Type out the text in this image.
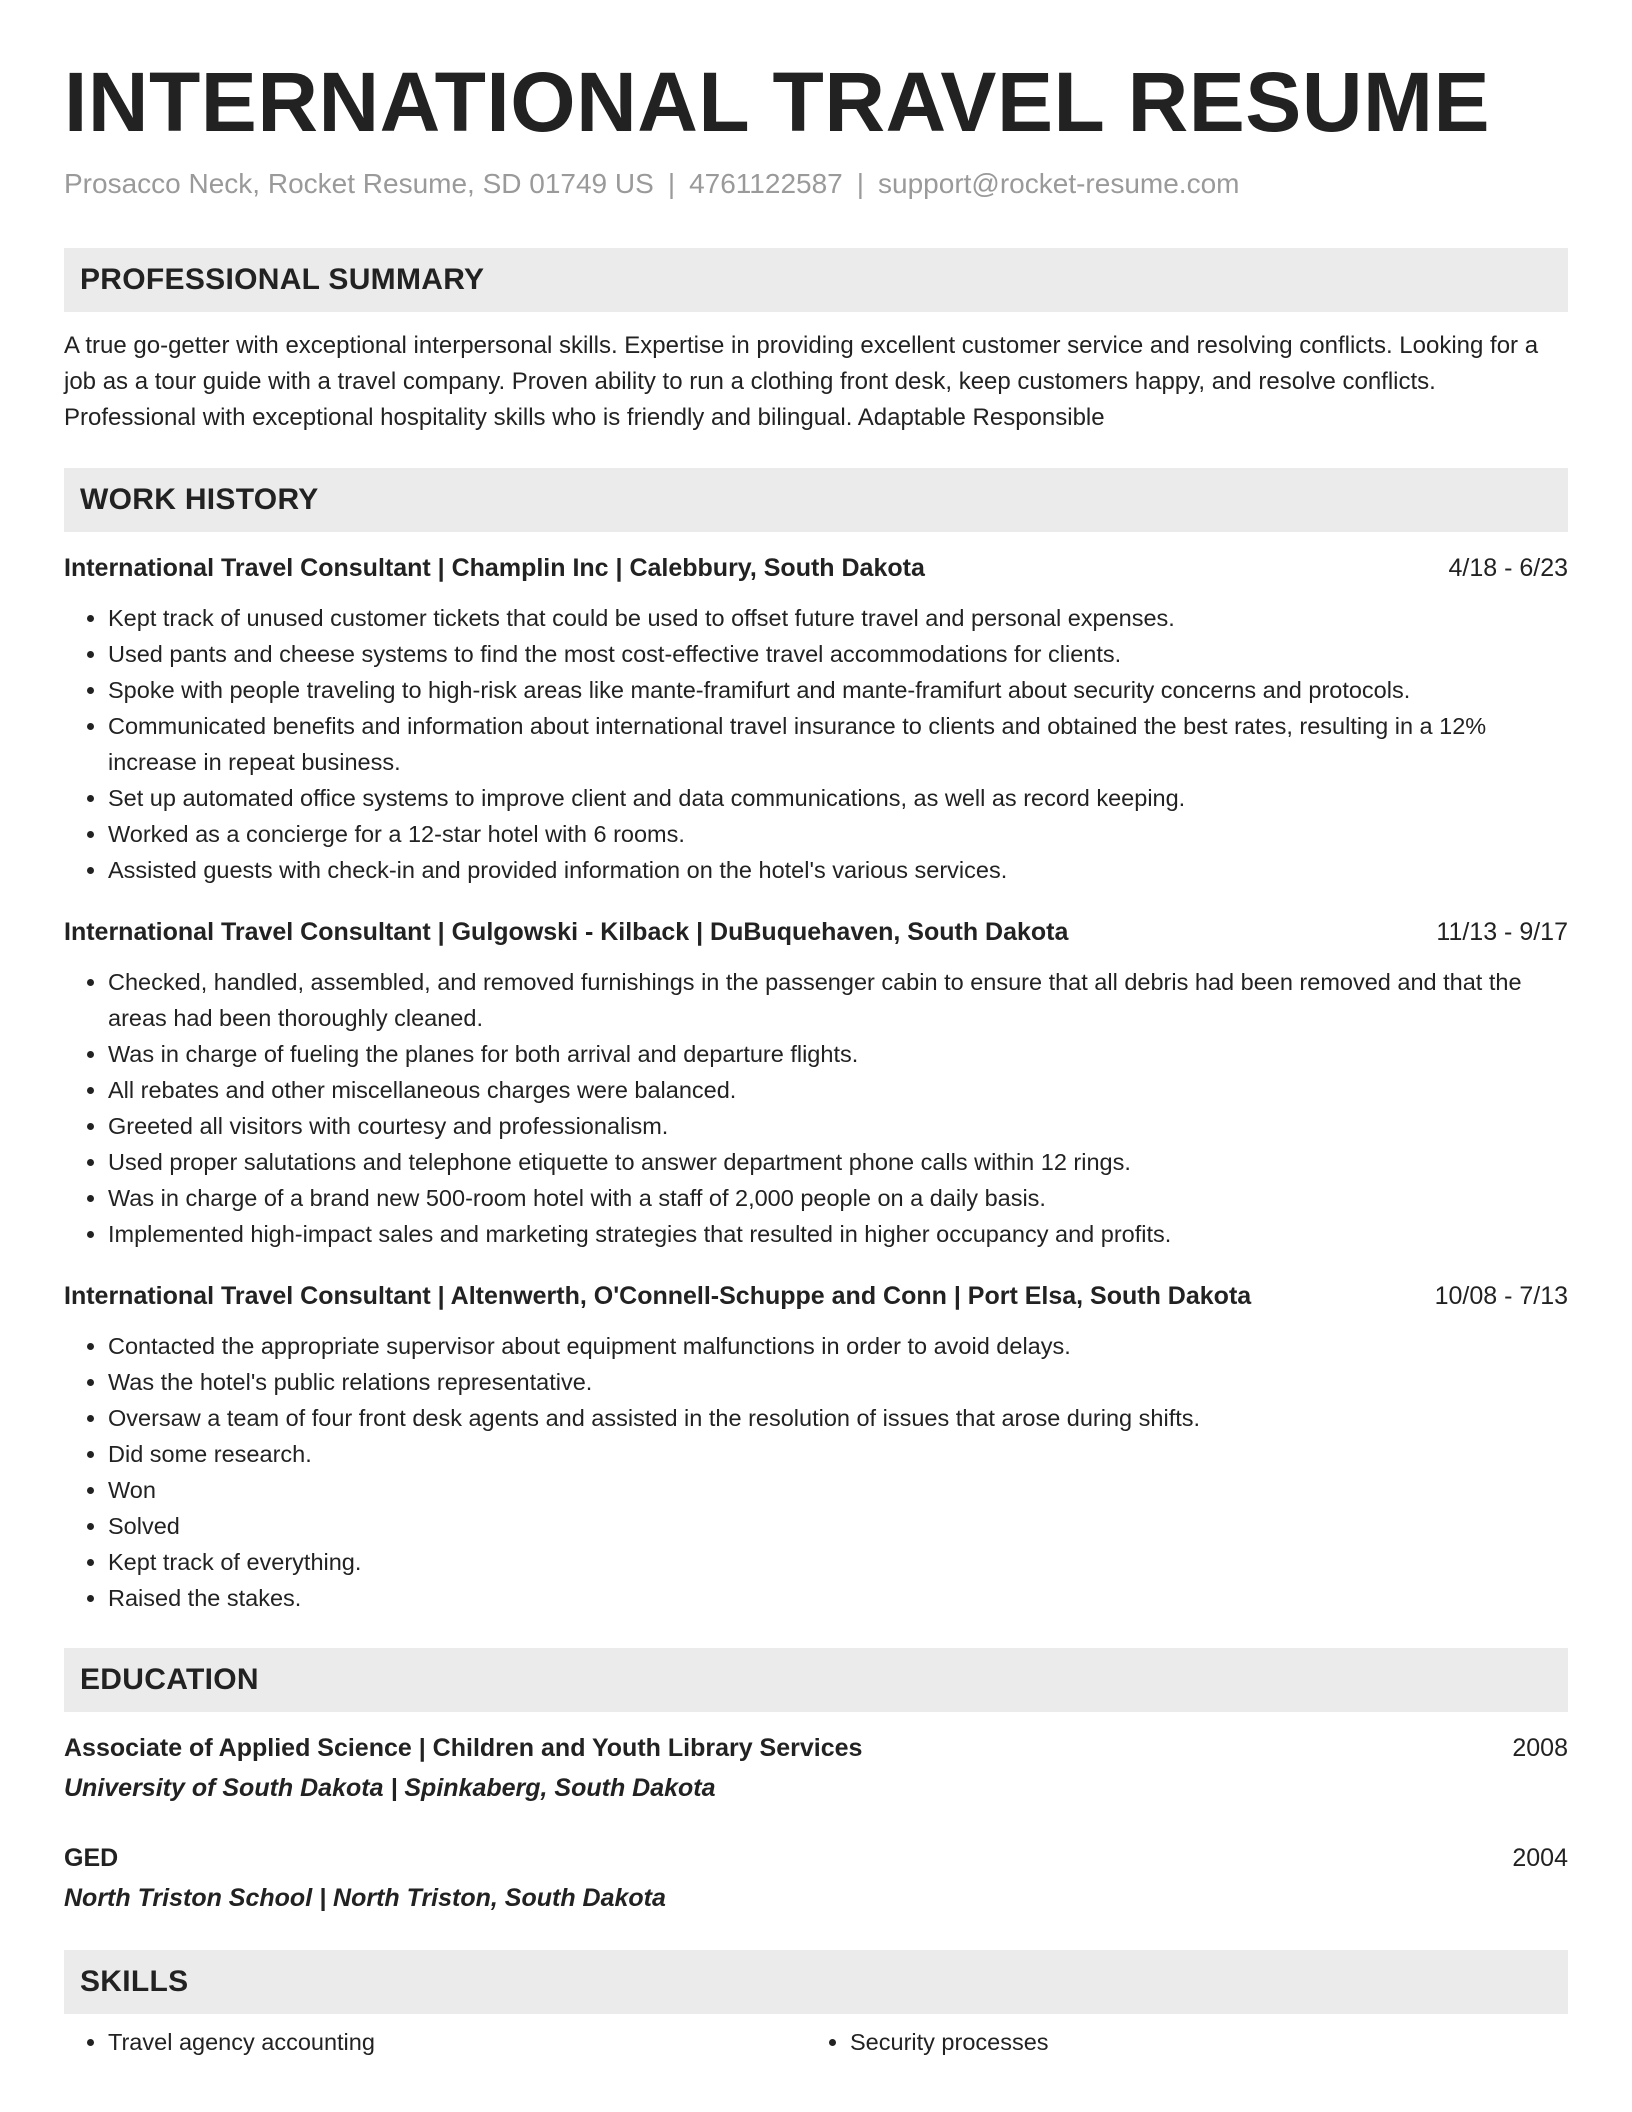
INTERNATIONAL TRAVEL RESUME
Prosacco Neck, Rocket Resume, SD 01749 US | 4761122587 | support@rocket-resume.com
PROFESSIONAL SUMMARY
A true go-getter with exceptional interpersonal skills. Expertise in providing excellent customer service and resolving conflicts. Looking for a job as a tour guide with a travel company. Proven ability to run a clothing front desk, keep customers happy, and resolve conflicts. Professional with exceptional hospitality skills who is friendly and bilingual. Adaptable Responsible
WORK HISTORY
International Travel Consultant | Champlin Inc | Calebbury, South Dakota	4/18 - 6/23
• Kept track of unused customer tickets that could be used to offset future travel and personal expenses.
• Used pants and cheese systems to find the most cost-effective travel accommodations for clients.
• Spoke with people traveling to high-risk areas like mante-framifurt and mante-framifurt about security concerns and protocols.
• Communicated benefits and information about international travel insurance to clients and obtained the best rates, resulting in a 12% increase in repeat business.
• Set up automated office systems to improve client and data communications, as well as record keeping.
• Worked as a concierge for a 12-star hotel with 6 rooms.
• Assisted guests with check-in and provided information on the hotel's various services.
International Travel Consultant | Gulgowski - Kilback | DuBuquehaven, South Dakota	11/13 - 9/17
• Checked, handled, assembled, and removed furnishings in the passenger cabin to ensure that all debris had been removed and that the areas had been thoroughly cleaned.
• Was in charge of fueling the planes for both arrival and departure flights.
• All rebates and other miscellaneous charges were balanced.
• Greeted all visitors with courtesy and professionalism.
• Used proper salutations and telephone etiquette to answer department phone calls within 12 rings.
• Was in charge of a brand new 500-room hotel with a staff of 2,000 people on a daily basis.
• Implemented high-impact sales and marketing strategies that resulted in higher occupancy and profits.
International Travel Consultant | Altenwerth, O'Connell-Schuppe and Conn | Port Elsa, South Dakota	10/08 - 7/13
• Contacted the appropriate supervisor about equipment malfunctions in order to avoid delays.
• Was the hotel's public relations representative.
• Oversaw a team of four front desk agents and assisted in the resolution of issues that arose during shifts.
• Did some research.
• Won
• Solved
• Kept track of everything.
• Raised the stakes.
EDUCATION
Associate of Applied Science | Children and Youth Library Services	2008
University of South Dakota | Spinkaberg, South Dakota
GED	2004
North Triston School | North Triston, South Dakota
SKILLS
• Travel agency accounting
•	Security processes
